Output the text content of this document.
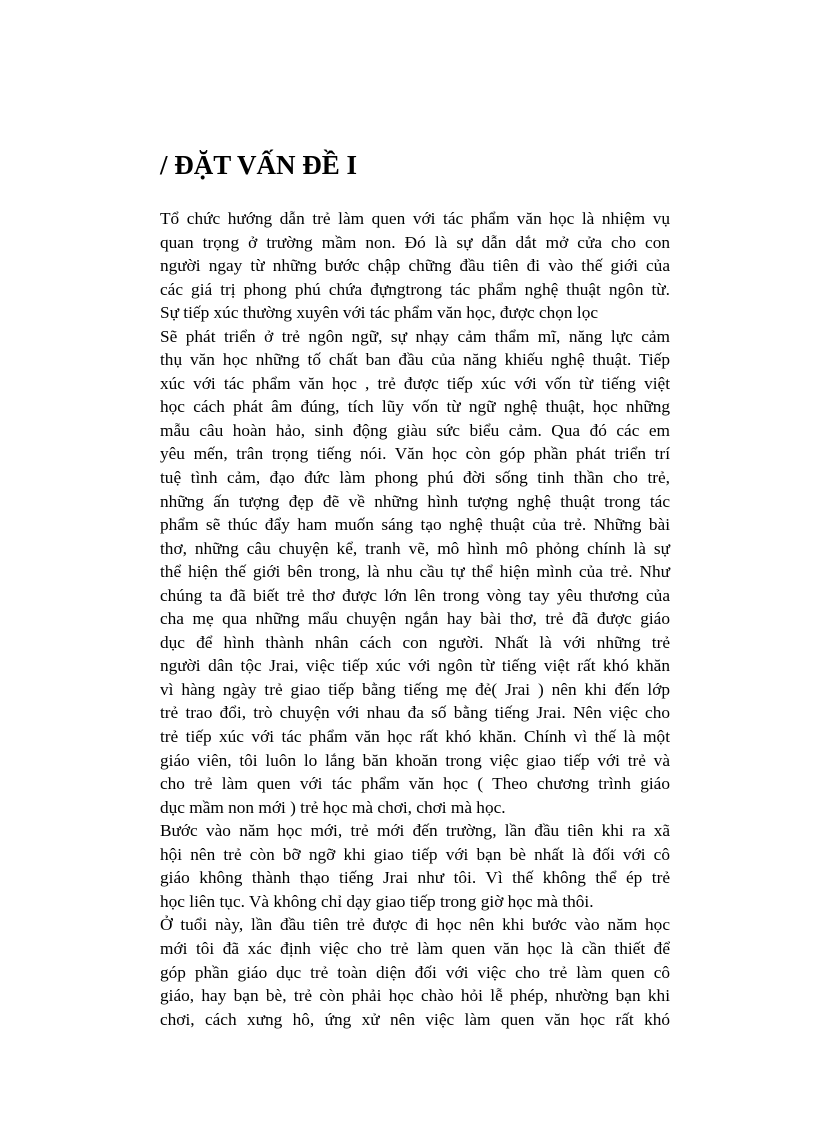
/ ĐẶT VẤN ĐỀ I
Tổ chức hướng dẫn trẻ làm quen với tác phẩm văn học là nhiệm vụ
quan trọng ở trường mầm non. Đó là sự dẫn dắt mở cửa cho con
người ngay từ những bước chập chững đầu tiên đi vào thế giới của
các giá trị phong phú chứa đựngtrong tác phẩm nghệ thuật ngôn từ.
Sự tiếp xúc thường xuyên với tác phẩm văn học, được chọn lọc
Sẽ phát triển ở trẻ ngôn ngữ, sự nhạy cảm thẩm mĩ, năng lực cảm
thụ văn học những tố chất ban đầu của năng khiếu nghệ thuật. Tiếp
xúc với tác phẩm văn học , trẻ được tiếp xúc với vốn từ tiếng việt
học cách phát âm đúng, tích lũy vốn từ ngữ nghệ thuật, học những
mẫu câu hoàn hảo, sinh động giàu sức biểu cảm. Qua đó các em
yêu mến, trân trọng tiếng nói. Văn học còn góp phần phát triển trí
tuệ tình cảm, đạo đức làm phong phú đời sống tinh thần cho trẻ,
những ấn tượng đẹp đẽ về những hình tượng nghệ thuật trong tác
phẩm sẽ thúc đẩy ham muốn sáng tạo nghệ thuật của trẻ. Những bài
thơ, những câu chuyện kể, tranh vẽ, mô hình mô phỏng chính là sự
thể hiện thế giới bên trong, là nhu cầu tự thể hiện mình của trẻ. Như
chúng ta đã biết trẻ thơ được lớn lên trong vòng tay yêu thương của
cha mẹ qua những mẩu chuyện ngắn hay bài thơ, trẻ đã được giáo
dục để hình thành nhân cách con người. Nhất là với những trẻ
người dân tộc Jrai, việc tiếp xúc với ngôn từ tiếng việt rất khó khăn
vì hàng ngày trẻ giao tiếp bằng tiếng mẹ đẻ( Jrai ) nên khi đến lớp
trẻ trao đổi, trò chuyện với nhau đa số bằng tiếng Jrai. Nên việc cho
trẻ tiếp xúc với tác phẩm văn học rất khó khăn. Chính vì thế là một
giáo viên, tôi luôn lo lắng băn khoăn trong việc giao tiếp với trẻ và
cho trẻ làm quen với tác phẩm văn học ( Theo chương trình giáo
dục mầm non mới ) trẻ học mà chơi, chơi mà học.
Bước vào năm học mới, trẻ mới đến trường, lần đầu tiên khi ra xã
hội nên trẻ còn bỡ ngỡ khi giao tiếp với bạn bè nhất là đối với cô
giáo không thành thạo tiếng Jrai như tôi. Vì thế không thể ép trẻ
học liên tục. Và không chỉ dạy giao tiếp trong giờ học mà thôi.
Ở tuổi này, lần đầu tiên trẻ được đi học nên khi bước vào năm học
mới tôi đã xác định việc cho trẻ làm quen văn học là cần thiết để
góp phần giáo dục trẻ toàn diện đối với việc cho trẻ làm quen cô
giáo, hay bạn bè, trẻ còn phải học chào hỏi lễ phép, nhường bạn khi
chơi, cách xưng hô, ứng xử nên việc làm quen văn học rất khó
